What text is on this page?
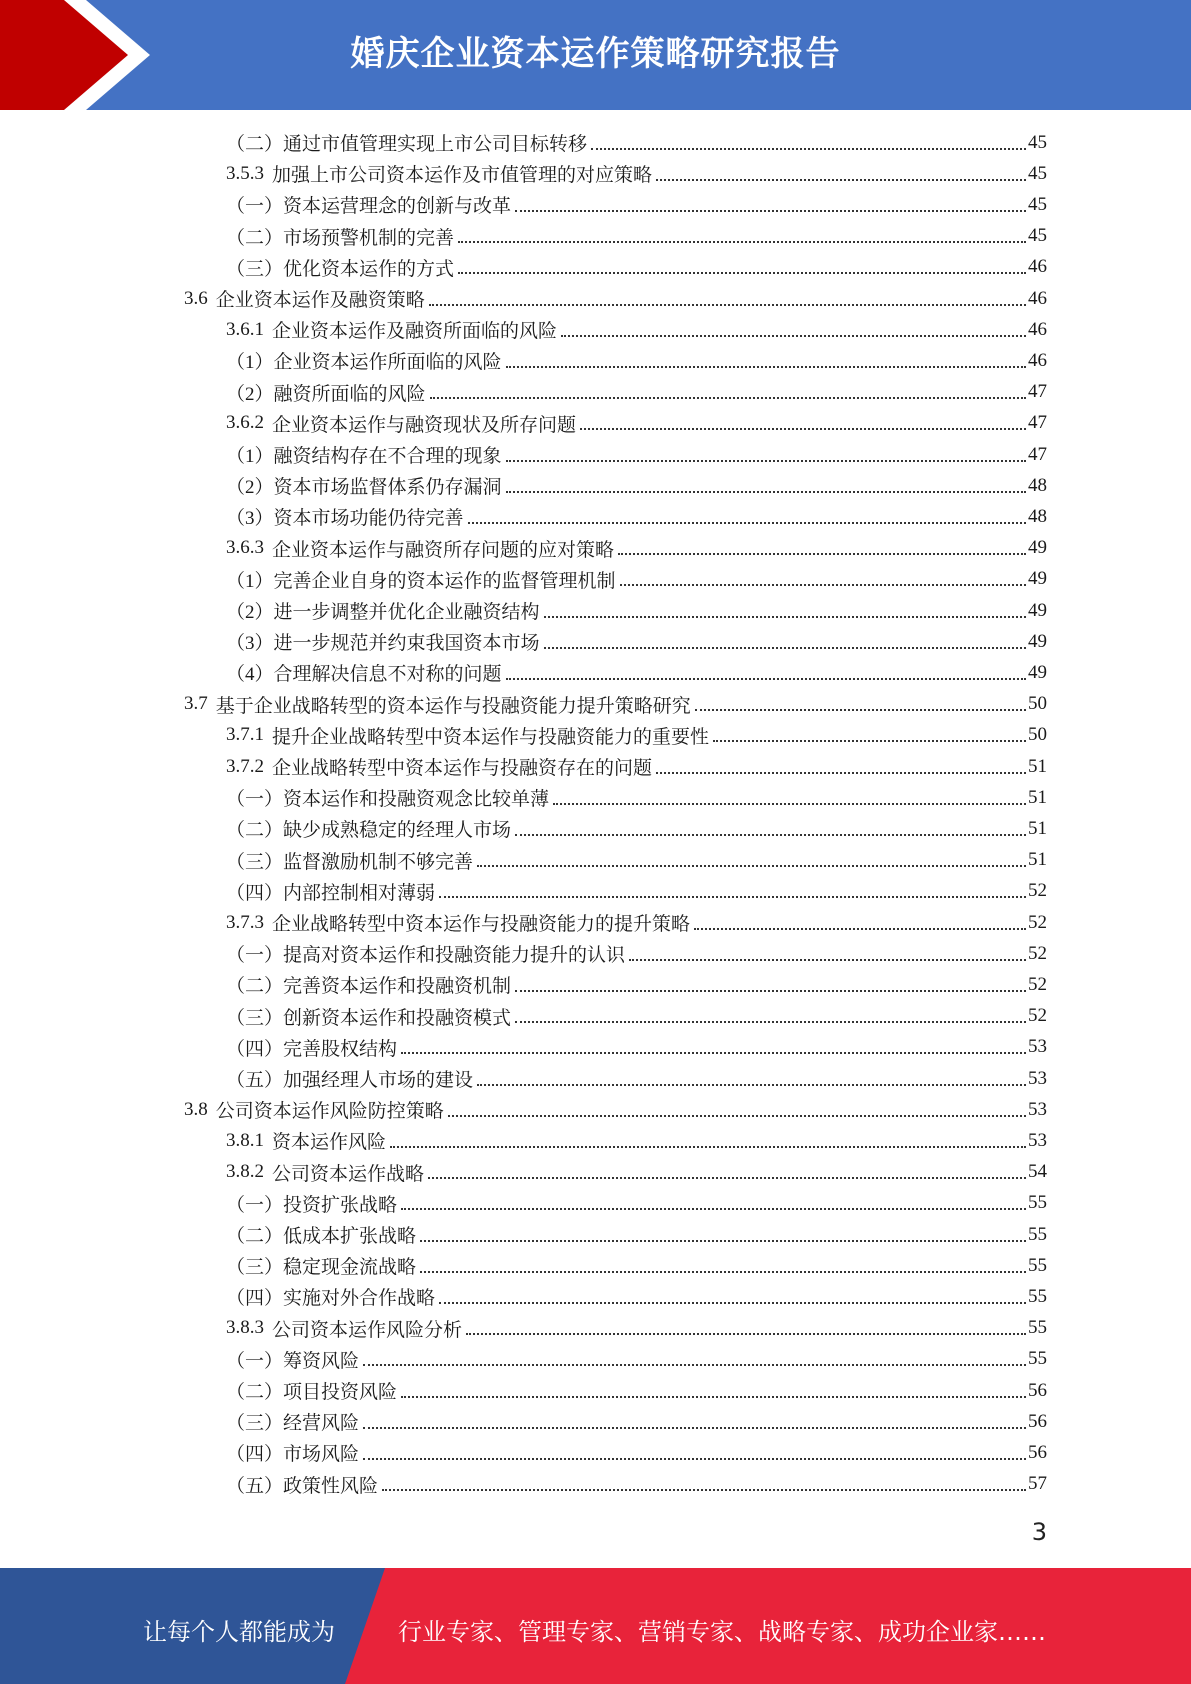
婚庆企业资本运作策略研究报告
（二）通过市值管理实现上市公司目标转移	45
3.5.3 加强上市公司资本运作及市值管理的对应策略	45
（一）资本运营理念的创新与改革	45
（二）市场预警机制的完善	45
（三）优化资本运作的方式	46
3.6 企业资本运作及融资策略	46
3.6.1 企业资本运作及融资所面临的风险	46
（1）企业资本运作所面临的风险	46
（2）融资所面临的风险	47
3.6.2 企业资本运作与融资现状及所存问题	47
（1）融资结构存在不合理的现象	47
（2）资本市场监督体系仍存漏洞	48
（3）资本市场功能仍待完善	48
3.6.3 企业资本运作与融资所存问题的应对策略	49
（1）完善企业自身的资本运作的监督管理机制	49
（2）进一步调整并优化企业融资结构	49
（3）进一步规范并约束我国资本市场	49
（4）合理解决信息不对称的问题	49
3.7 基于企业战略转型的资本运作与投融资能力提升策略研究	50
3.7.1 提升企业战略转型中资本运作与投融资能力的重要性	50
3.7.2 企业战略转型中资本运作与投融资存在的问题	51
（一）资本运作和投融资观念比较单薄	51
（二）缺少成熟稳定的经理人市场	51
（三）监督激励机制不够完善	51
（四）内部控制相对薄弱	52
3.7.3 企业战略转型中资本运作与投融资能力的提升策略	52
（一）提高对资本运作和投融资能力提升的认识	52
（二）完善资本运作和投融资机制	52
（三）创新资本运作和投融资模式	52
（四）完善股权结构	53
（五）加强经理人市场的建设	53
3.8 公司资本运作风险防控策略	53
3.8.1 资本运作风险	53
3.8.2 公司资本运作战略	54
（一）投资扩张战略	55
（二）低成本扩张战略	55
（三）稳定现金流战略	55
（四）实施对外合作战略	55
3.8.3 公司资本运作风险分析	55
（一）筹资风险	55
（二）项目投资风险	56
（三）经营风险	56
（四）市场风险	56
（五）政策性风险	57
3
让每个人都能成为	行业专家、管理专家、营销专家、战略专家、成功企业家……
